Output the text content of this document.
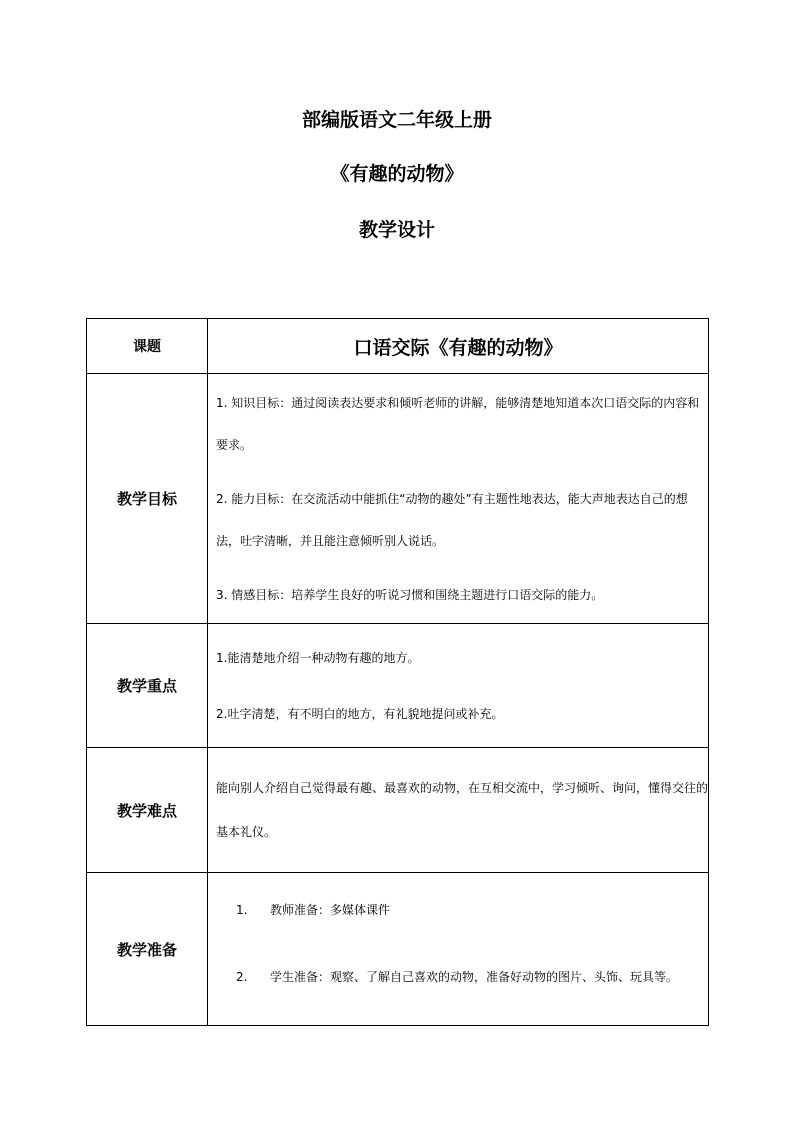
部编版语文二年级上册
《有趣的动物》
教学设计
课题	口语交际《有趣的动物》

教学目标	1. 知识目标：通过阅读表达要求和倾听老师的讲解，能够清楚地知道本次口语交际的内容和要求。

2. 能力目标：在交流活动中能抓住“动物的趣处”有主题性地表达，能大声地表达自己的想法，吐字清晰，并且能注意倾听别人说话。

3. 情感目标：培养学生良好的听说习惯和围绕主题进行口语交际的能力。

教学重点	1.能清楚地介绍一种动物有趣的地方。

2.吐字清楚，有不明白的地方，有礼貌地提问或补充。

教学难点	能向别人介绍自己觉得最有趣、最喜欢的动物，在互相交流中，学习倾听、询问，懂得交往的基本礼仪。

教学准备	1. 教师准备：多媒体课件

2. 学生准备：观察、了解自己喜欢的动物，准备好动物的图片、头饰、玩具等。
